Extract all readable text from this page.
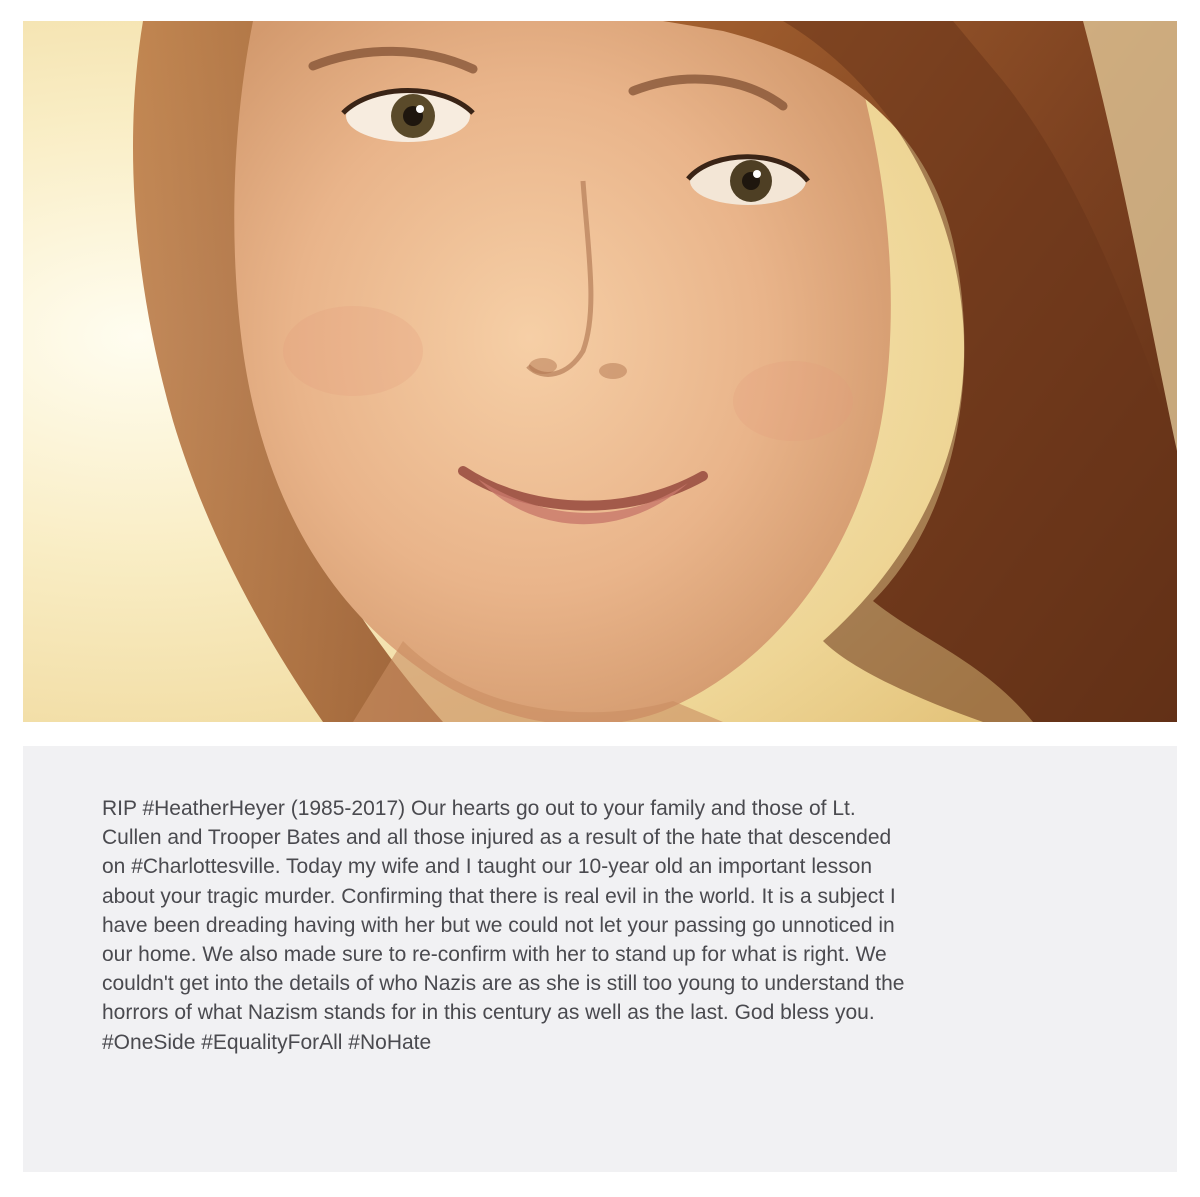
RIP #HeatherHeyer (1985-2017) Our hearts go out to your family and those of Lt.
Cullen and Trooper Bates and all those injured as a result of the hate that descended
on #Charlottesville. Today my wife and I taught our 10-year old an important lesson
about your tragic murder. Confirming that there is real evil in the world. It is a subject I
have been dreading having with her but we could not let your passing go unnoticed in
our home. We also made sure to re-confirm with her to stand up for what is right. We
couldn't get into the details of who Nazis are as she is still too young to understand the
horrors of what Nazism stands for in this century as well as the last. God bless you.
#OneSide #EqualityForAll #NoHate
